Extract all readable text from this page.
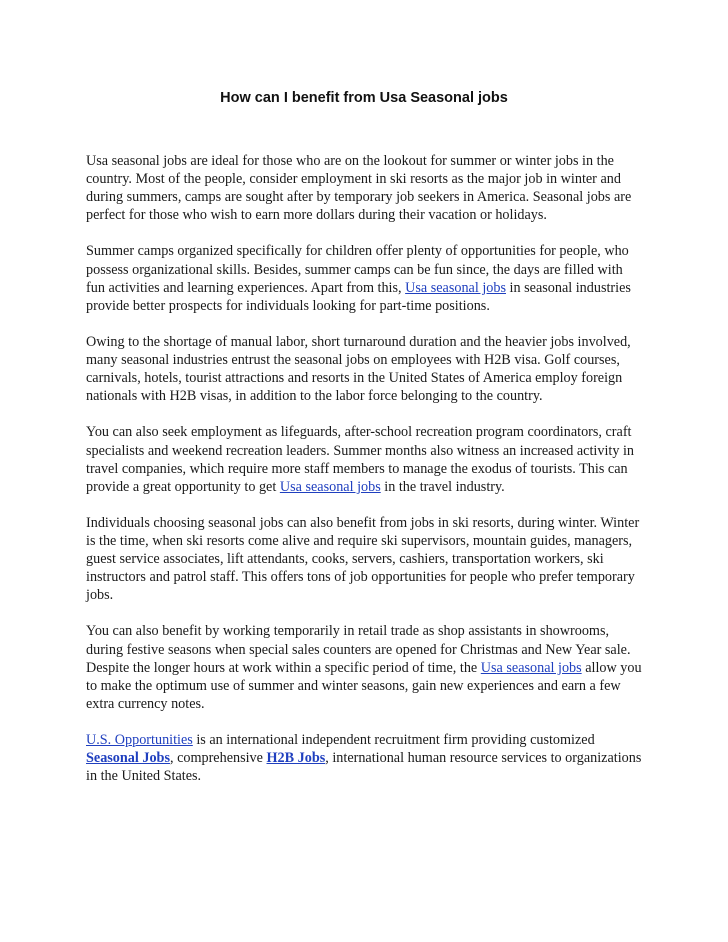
How can I benefit from Usa Seasonal jobs

Usa seasonal jobs are ideal for those who are on the lookout for summer or winter jobs in the country. Most of the people, consider employment in ski resorts as the major job in winter and during summers, camps are sought after by temporary job seekers in America. Seasonal jobs are perfect for those who wish to earn more dollars during their vacation or holidays.

Summer camps organized specifically for children offer plenty of opportunities for people, who possess organizational skills. Besides, summer camps can be fun since, the days are filled with fun activities and learning experiences. Apart from this, Usa seasonal jobs in seasonal industries provide better prospects for individuals looking for part-time positions.

Owing to the shortage of manual labor, short turnaround duration and the heavier jobs involved, many seasonal industries entrust the seasonal jobs on employees with H2B visa. Golf courses, carnivals, hotels, tourist attractions and resorts in the United States of America employ foreign nationals with H2B visas, in addition to the labor force belonging to the country.

You can also seek employment as lifeguards, after-school recreation program coordinators, craft specialists and weekend recreation leaders. Summer months also witness an increased activity in travel companies, which require more staff members to manage the exodus of tourists. This can provide a great opportunity to get Usa seasonal jobs in the travel industry.

Individuals choosing seasonal jobs can also benefit from jobs in ski resorts, during winter. Winter is the time, when ski resorts come alive and require ski supervisors, mountain guides, managers, guest service associates, lift attendants, cooks, servers, cashiers, transportation workers, ski instructors and patrol staff. This offers tons of job opportunities for people who prefer temporary jobs.

You can also benefit by working temporarily in retail trade as shop assistants in showrooms, during festive seasons when special sales counters are opened for Christmas and New Year sale. Despite the longer hours at work within a specific period of time, the Usa seasonal jobs allow you to make the optimum use of summer and winter seasons, gain new experiences and earn a few extra currency notes.

U.S. Opportunities is an international independent recruitment firm providing customized Seasonal Jobs, comprehensive H2B Jobs, international human resource services to organizations in the United States.
